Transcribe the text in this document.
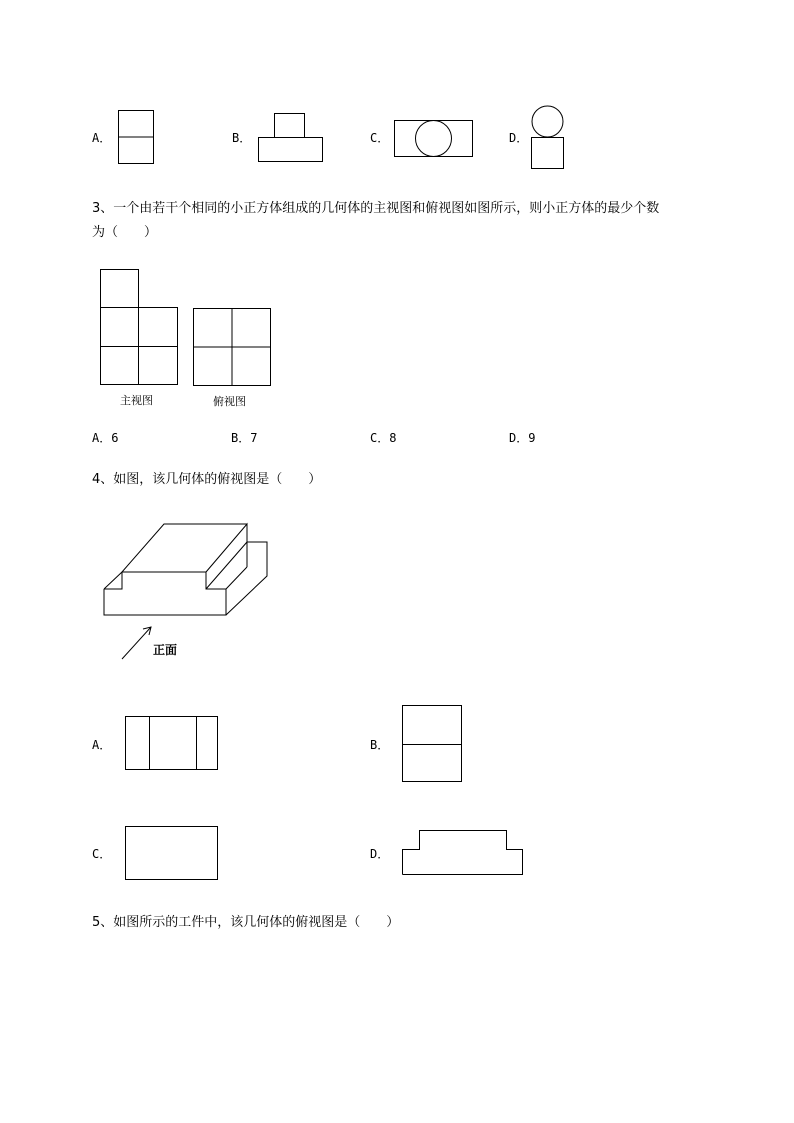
A．	B．	C．	D．
3、一个由若干个相同的小正方体组成的几何体的主视图和俯视图如图所示，则小正方体的最少个数
为（　　）
主视图	俯视图
A．6	B．7	C．8	D．9
4、如图，该几何体的俯视图是（　　）
正面
A．	B．
C．	D．
5、如图所示的工件中，该几何体的俯视图是（　　）
